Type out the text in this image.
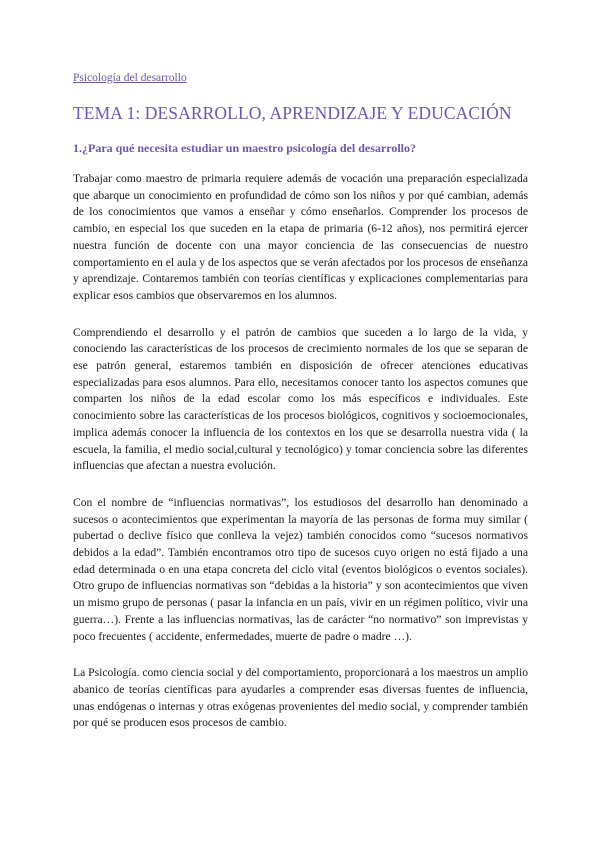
Psicología del desarrollo
TEMA 1: DESARROLLO, APRENDIZAJE Y EDUCACIÓN
1.¿Para qué necesita estudiar un maestro psicología del desarrollo?

Trabajar como maestro de primaria requiere además de vocación una preparación especializada que abarque un conocimiento en profundidad de cómo son los niños y por qué cambian, además de los conocimientos que vamos a enseñar y cómo enseñarlos. Comprender los procesos de cambio, en especial los que suceden en la etapa de primaria (6-12 años), nos permitirá ejercer nuestra función de docente con una mayor conciencia de las consecuencias de nuestro comportamiento en el aula y de los aspectos que se verán afectados por los procesos de enseñanza y aprendizaje. Contaremos también con teorías científicas y explicaciones complementarias para explicar esos cambios que observaremos en los alumnos.

Comprendiendo el desarrollo y el patrón de cambios que suceden a lo largo de la vida, y conociendo las características de los procesos de crecimiento normales de los que se separan de ese patrón general, estaremos también en disposición de ofrecer atenciones educativas especializadas para esos alumnos. Para ello, necesitamos conocer tanto los aspectos comunes que comparten los niños de la edad escolar como los más específicos e individuales. Este conocimiento sobre las características de los procesos biológicos, cognitivos y socioemocionales, implica además conocer la influencia de los contextos en los que se desarrolla nuestra vida ( la escuela, la familia, el medio social,cultural y tecnológico) y tomar conciencia sobre las diferentes influencias que afectan a nuestra evolución.

Con el nombre de “influencias normativas”, los estudiosos del desarrollo han denominado a sucesos o acontecimientos que experimentan la mayoría de las personas de forma muy similar ( pubertad o declive físico que conlleva la vejez) también conocidos como “sucesos normativos debidos a la edad”. También encontramos otro tipo de sucesos cuyo origen no está fijado a una edad determinada o en una etapa concreta del ciclo vital (eventos biológicos o eventos sociales). Otro grupo de influencias normativas son “debidas a la historia” y son acontecimientos que viven un mismo grupo de personas ( pasar la infancia en un país, vivir en un régimen político, vivir una guerra…). Frente a las influencias normativas, las de carácter “no normativo” son imprevistas y poco frecuentes ( accidente, enfermedades, muerte de padre o madre …).

La Psicología. como ciencia social y del comportamiento, proporcionará a los maestros un amplio abanico de teorías científicas para ayudarles a comprender esas diversas fuentes de influencia, unas endógenas o internas y otras exógenas provenientes del medio social, y comprender también por qué se producen esos procesos de cambio.
